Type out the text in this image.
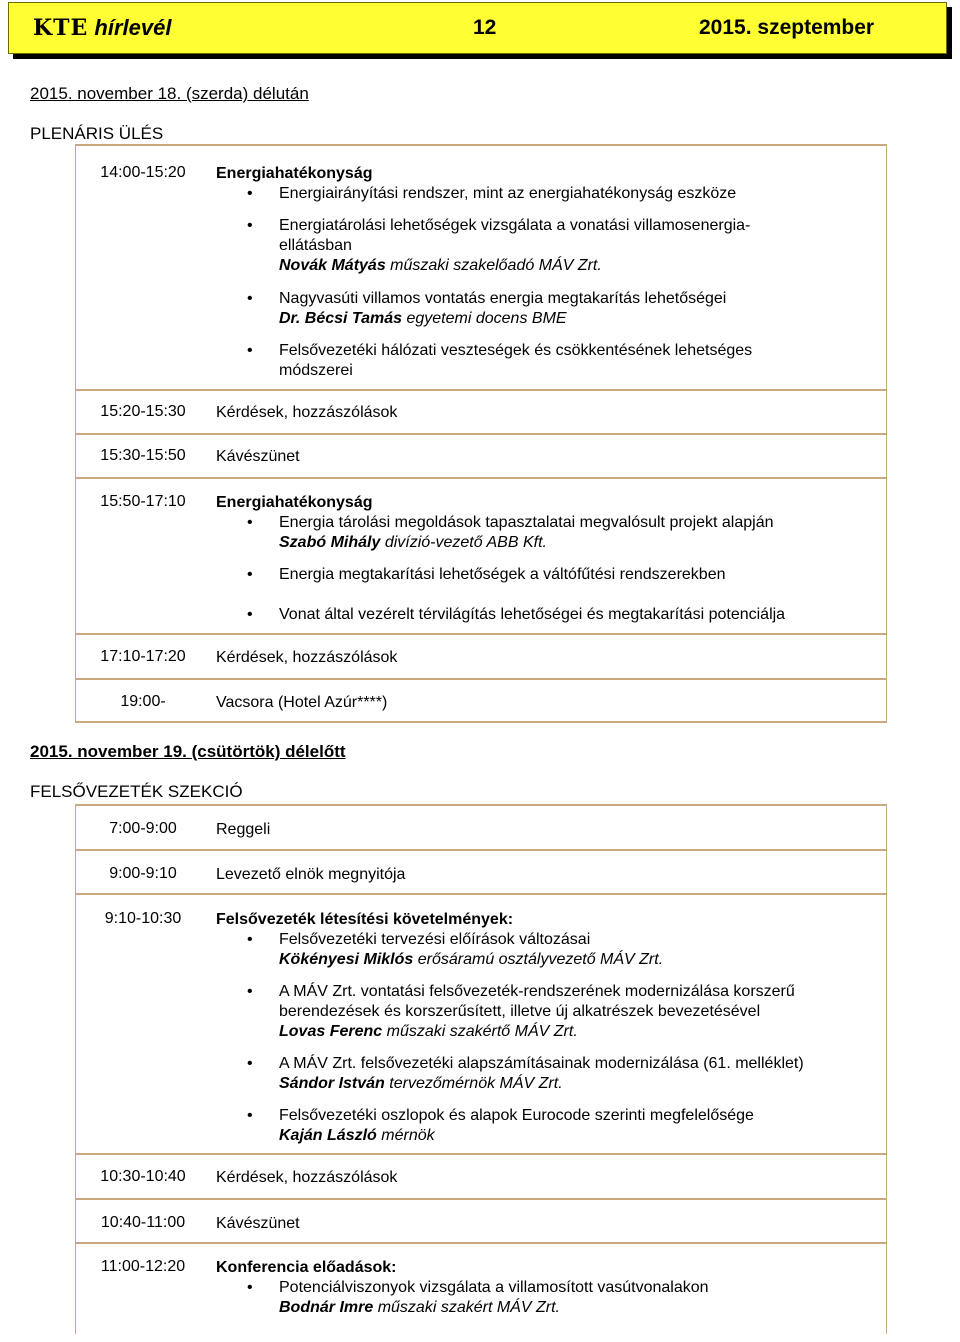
KTE hírlevél	12	2015. szeptember
2015. november 18. (szerda) délután
PLENÁRIS ÜLÉS
14:00-15:20	Energiahatékonyság
• Energiairányítási rendszer, mint az energiahatékonyság eszköze
• Energiatárolási lehetőségek vizsgálata a vonatási villamosenergia-
ellátásban
Novák Mátyás műszaki szakelőadó MÁV Zrt.
• Nagyvasúti villamos vontatás energia megtakarítás lehetőségei
Dr. Bécsi Tamás egyetemi docens BME
• Felsővezetéki hálózati veszteségek és csökkentésének lehetséges
módszerei
15:20-15:30	Kérdések, hozzászólások
15:30-15:50	Kávészünet
15:50-17:10	Energiahatékonyság
• Energia tárolási megoldások tapasztalatai megvalósult projekt alapján
Szabó Mihály divízió-vezető ABB Kft.
• Energia megtakarítási lehetőségek a váltófűtési rendszerekben
• Vonat által vezérelt térvilágítás lehetőségei és megtakarítási potenciálja
17:10-17:20	Kérdések, hozzászólások
19:00-	Vacsora (Hotel Azúr****)
2015. november 19. (csütörtök) délelőtt
FELSŐVEZETÉK SZEKCIÓ
7:00-9:00	Reggeli
9:00-9:10	Levezető elnök megnyitója
9:10-10:30	Felsővezeték létesítési követelmények:
• Felsővezetéki tervezési előírások változásai
Kökényesi Miklós erősáramú osztályvezető MÁV Zrt.
• A MÁV Zrt. vontatási felsővezeték-rendszerének modernizálása korszerű
berendezések és korszerűsített, illetve új alkatrészek bevezetésével
Lovas Ferenc műszaki szakértő MÁV Zrt.
• A MÁV Zrt. felsővezetéki alapszámításainak modernizálása (61. melléklet)
Sándor István tervezőmérnök MÁV Zrt.
• Felsővezetéki oszlopok és alapok Eurocode szerinti megfelelősége
Kaján László mérnök
10:30-10:40	Kérdések, hozzászólások
10:40-11:00	Kávészünet
11:00-12:20	Konferencia előadások:
• Potenciálviszonyok vizsgálata a villamosított vasútvonalakon
Bodnár Imre műszaki szakért MÁV Zrt.
